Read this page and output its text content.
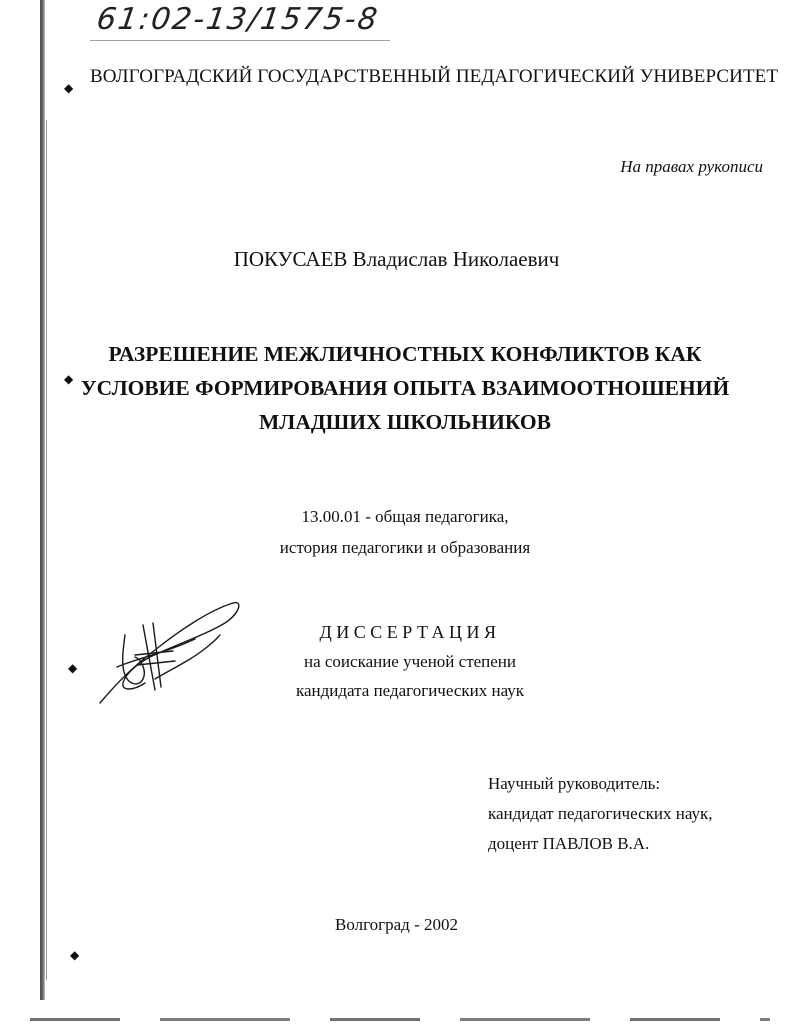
◆
◆
◆
◆
61:02-13/1575-8
ВОЛГОГРАДСКИЙ ГОСУДАРСТВЕННЫЙ ПЕДАГОГИЧЕСКИЙ УНИВЕРСИТЕТ
На правах рукописи
ПОКУСАЕВ Владислав Николаевич
РАЗРЕШЕНИЕ МЕЖЛИЧНОСТНЫХ КОНФЛИКТОВ КАК
УСЛОВИЕ ФОРМИРОВАНИЯ ОПЫТА ВЗАИМООТНОШЕНИЙ
МЛАДШИХ ШКОЛЬНИКОВ
13.00.01 - общая педагогика,
история педагогики и образования
ДИССЕРТАЦИЯ
на соискание ученой степени
кандидата педагогических наук
Научный руководитель:
кандидат педагогических наук,
доцент ПАВЛОВ В.А.
Волгоград - 2002
